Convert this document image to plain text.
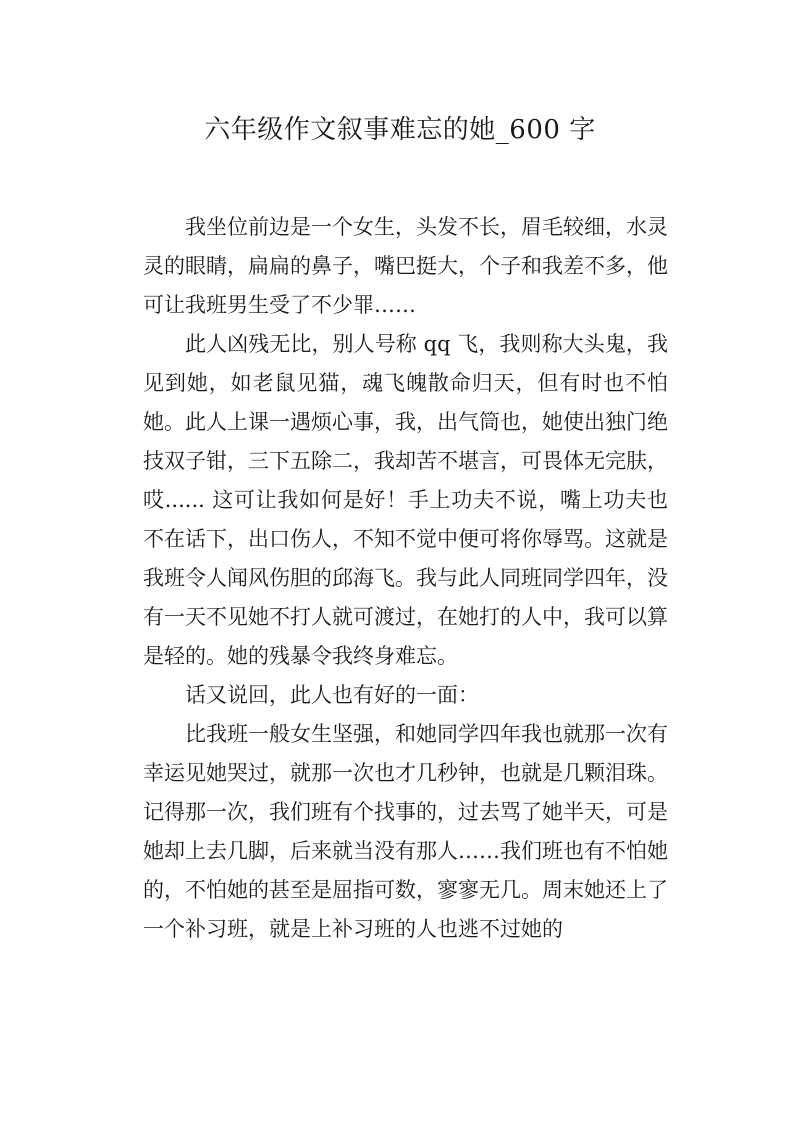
六年级作文叙事难忘的她_600 字

我坐位前边是一个女生，头发不长，眉毛较细，水灵灵的眼睛，扁扁的鼻子，嘴巴挺大，个子和我差不多，他可让我班男生受了不少罪……

此人凶残无比，别人号称 qq 飞，我则称大头鬼，我见到她，如老鼠见猫，魂飞魄散命归天，但有时也不怕她。此人上课一遇烦心事，我，出气筒也，她使出独门绝技双子钳，三下五除二，我却苦不堪言，可畏体无完肤，哎...... 这可让我如何是好！手上功夫不说，嘴上功夫也不在话下，出口伤人，不知不觉中便可将你辱骂。这就是我班令人闻风伤胆的邱海飞。我与此人同班同学四年，没有一天不见她不打人就可渡过，在她打的人中，我可以算是轻的。她的残暴令我终身难忘。

话又说回，此人也有好的一面：

比我班一般女生坚强，和她同学四年我也就那一次有幸运见她哭过，就那一次也才几秒钟，也就是几颗泪珠。记得那一次，我们班有个找事的，过去骂了她半天，可是她却上去几脚，后来就当没有那人……我们班也有不怕她的，不怕她的甚至是屈指可数，寥寥无几。周末她还上了一个补习班，就是上补习班的人也逃不过她的
